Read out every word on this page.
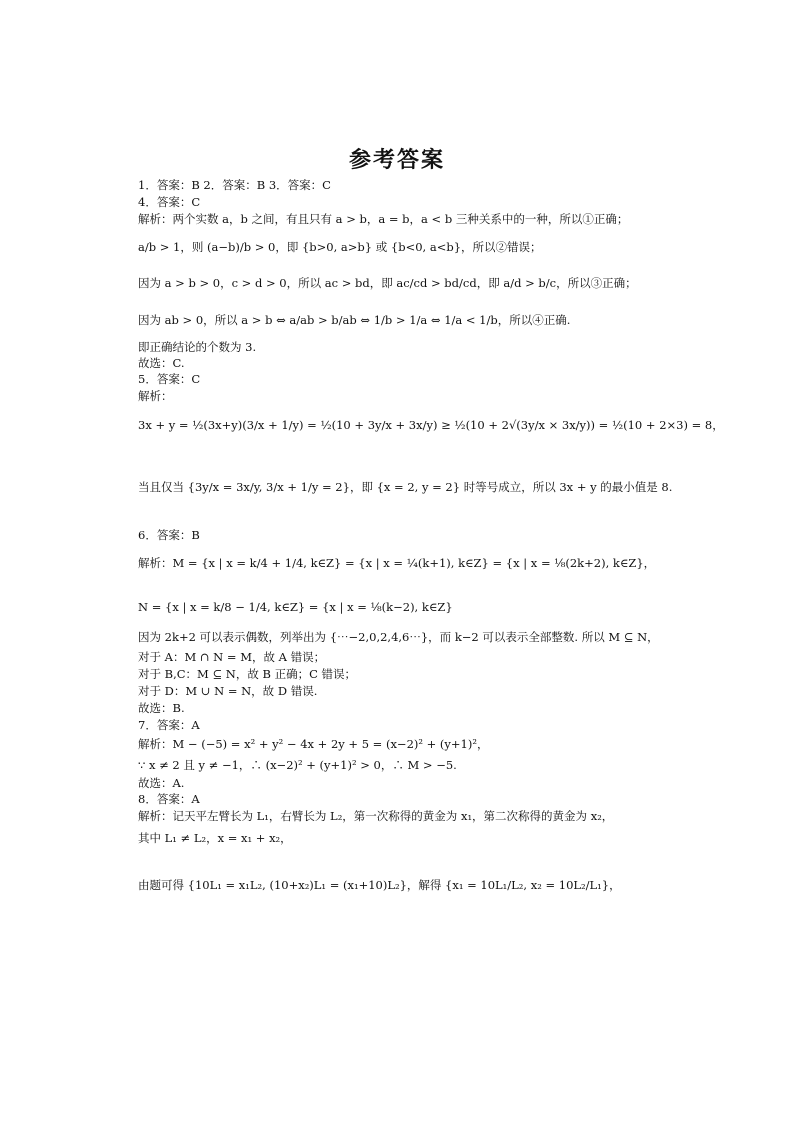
参考答案
1．答案：B 2．答案：B 3．答案：C
4．答案：C
解析：两个实数 a，b 之间，有且只有 a > b，a = b，a < b 三种关系中的一种，所以①正确；
a/b > 1，则 (a−b)/b > 0，即 {b>0, a>b} 或 {b<0, a<b}，所以②错误；
因为 a > b > 0，c > d > 0，所以 ac > bd，即 ac/cd > bd/cd，即 a/d > b/c，所以③正确；
因为 ab > 0，所以 a > b ⇔ a/ab > b/ab ⇔ 1/b > 1/a ⇔ 1/a < 1/b，所以④正确.
即正确结论的个数为 3.
故选：C.
5．答案：C
解析：
3x + y = ½(3x+y)(3/x + 1/y) = ½(10 + 3y/x + 3x/y) ≥ ½(10 + 2√(3y/x × 3x/y)) = ½(10 + 2×3) = 8，
当且仅当 {3y/x = 3x/y, 3/x + 1/y = 2}，即 {x = 2, y = 2} 时等号成立，所以 3x + y 的最小值是 8.
6．答案：B
解析：M = {x | x = k/4 + 1/4, k∈Z} = {x | x = ¼(k+1), k∈Z} = {x | x = ⅛(2k+2), k∈Z}，
N = {x | x = k/8 − 1/4, k∈Z} = {x | x = ⅛(k−2), k∈Z}
因为 2k+2 可以表示偶数，列举出为 {⋯−2,0,2,4,6⋯}，而 k−2 可以表示全部整数. 所以 M ⊆ N，
对于 A：M ∩ N = M，故 A 错误；
对于 B,C：M ⊆ N，故 B 正确；C 错误；
对于 D：M ∪ N = N，故 D 错误.
故选：B.
7．答案：A
解析：M − (−5) = x² + y² − 4x + 2y + 5 = (x−2)² + (y+1)²，
∵ x ≠ 2 且 y ≠ −1，∴ (x−2)² + (y+1)² > 0，∴ M > −5.
故选：A.
8．答案：A
解析：记天平左臂长为 L₁，右臂长为 L₂，第一次称得的黄金为 x₁，第二次称得的黄金为 x₂，
其中 L₁ ≠ L₂，x = x₁ + x₂，
由题可得 {10L₁ = x₁L₂, (10+x₂)L₁ = (x₁+10)L₂}，解得 {x₁ = 10L₁/L₂, x₂ = 10L₂/L₁}，
